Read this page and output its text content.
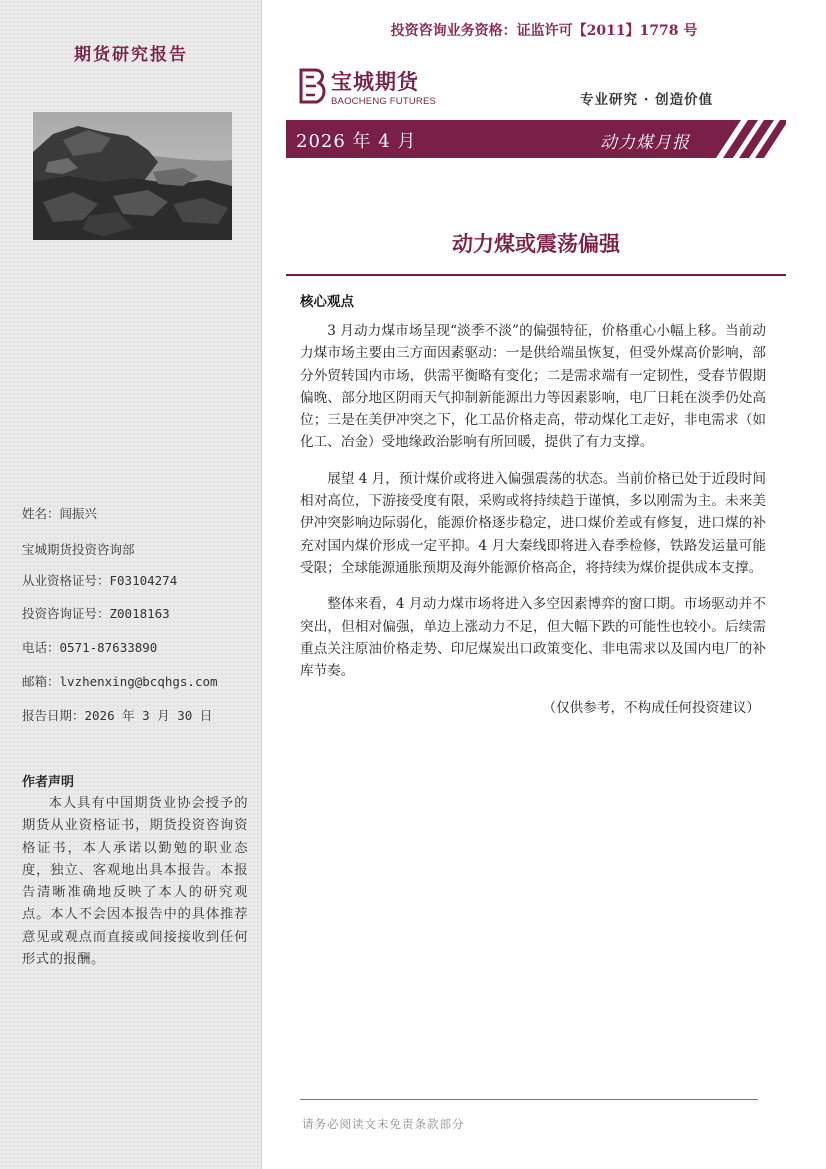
期货研究报告
姓名：闾振兴
宝城期货投资咨询部
从业资格证号：F03104274
投资咨询证号：Z0018163
电话：0571-87633890
邮箱：lvzhenxing@bcqhgs.com
报告日期：2026 年 3 月 30 日
作者声明
本人具有中国期货业协会授予的期货从业资格证书，期货投资咨询资格证书，本人承诺以勤勉的职业态度，独立、客观地出具本报告。本报告清晰准确地反映了本人的研究观点。本人不会因本报告中的具体推荐意见或观点而直接或间接接收到任何形式的报酬。
投资咨询业务资格：证监许可【2011】1778 号
宝城期货
BAOCHENG FUTURES	专业研究 · 创造价值
2026 年 4 月	动力煤月报
动力煤或震荡偏强
核心观点

3 月动力煤市场呈现“淡季不淡”的偏强特征，价格重心小幅上移。当前动力煤市场主要由三方面因素驱动：一是供给端虽恢复，但受外煤高价影响，部分外贸转国内市场，供需平衡略有变化；二是需求端有一定韧性，受春节假期偏晚、部分地区阴雨天气抑制新能源出力等因素影响，电厂日耗在淡季仍处高位；三是在美伊冲突之下，化工品价格走高，带动煤化工走好，非电需求（如化工、冶金）受地缘政治影响有所回暖，提供了有力支撑。

展望 4 月，预计煤价或将进入偏强震荡的状态。当前价格已处于近段时间相对高位，下游接受度有限，采购或将持续趋于谨慎，多以刚需为主。未来美伊冲突影响边际弱化，能源价格逐步稳定，进口煤价差或有修复，进口煤的补充对国内煤价形成一定平抑。4 月大秦线即将进入春季检修，铁路发运量可能受限；全球能源通胀预期及海外能源价格高企，将持续为煤价提供成本支撑。

整体来看，4 月动力煤市场将进入多空因素博弈的窗口期。市场驱动并不突出，但相对偏强，单边上涨动力不足，但大幅下跌的可能性也较小。后续需重点关注原油价格走势、印尼煤炭出口政策变化、非电需求以及国内电厂的补库节奏。

（仅供参考，不构成任何投资建议）

请务必阅读文末免责条款部分
